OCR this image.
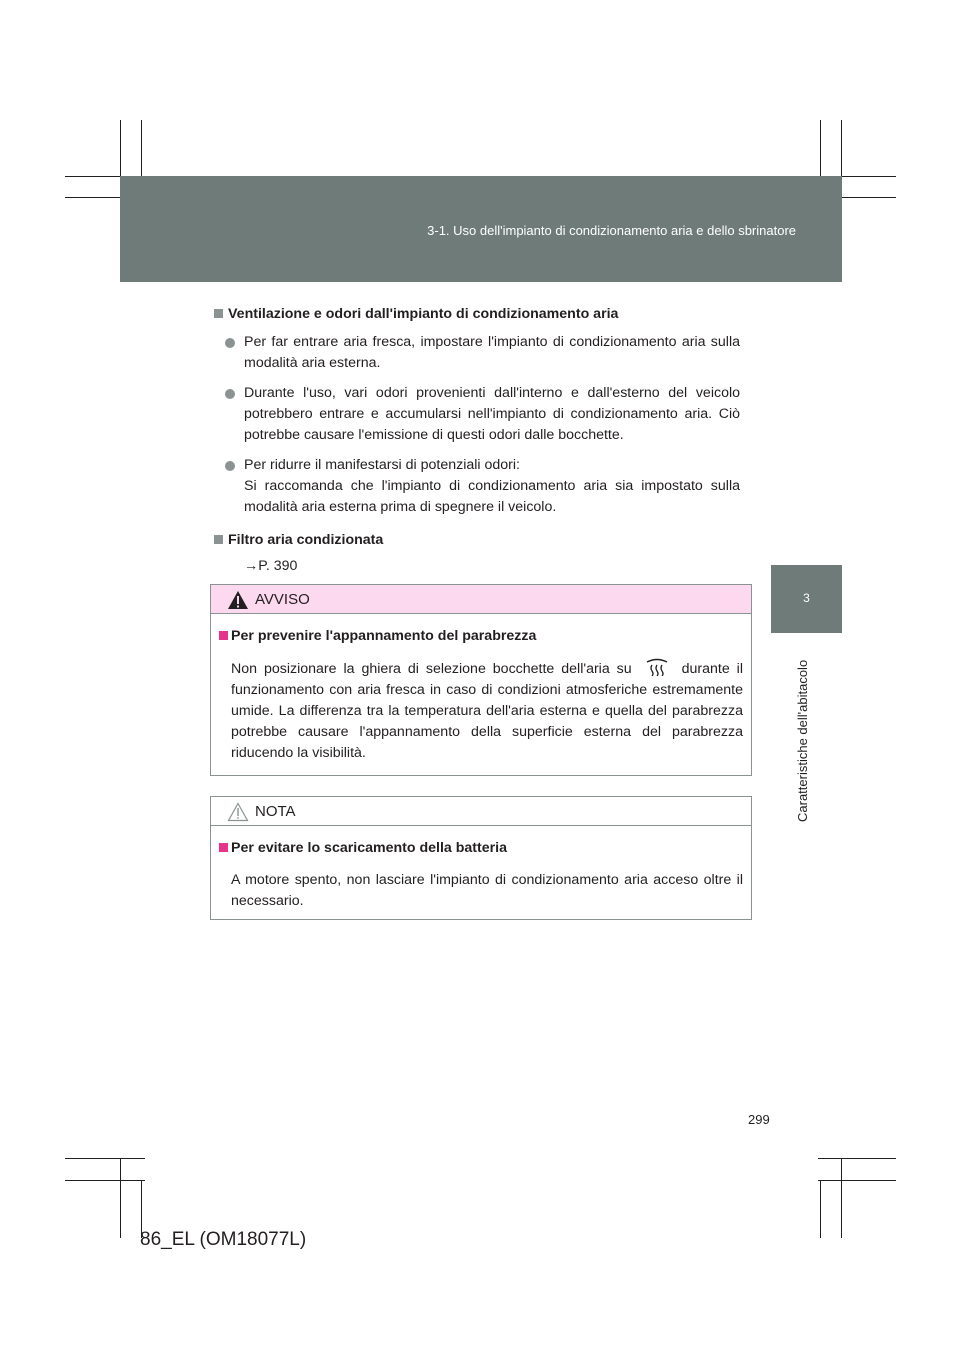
3-1. Uso dell'impianto di condizionamento aria e dello sbrinatore
3
Caratteristiche dell'abitacolo
Ventilazione e odori dall'impianto di condizionamento aria
Per far entrare aria fresca, impostare l'impianto di condizionamento aria sulla modalità aria esterna.
Durante l'uso, vari odori provenienti dall'interno e dall'esterno del veicolo potrebbero entrare e accumularsi nell'impianto di condizionamento aria. Ciò potrebbe causare l'emissione di questi odori dalle bocchette.
Per ridurre il manifestarsi di potenziali odori:
Si raccomanda che l'impianto di condizionamento aria sia impostato sulla modalità aria esterna prima di spegnere il veicolo.
Filtro aria condizionata
→P. 390
AVVISO
Per prevenire l'appannamento del parabrezza
Non posizionare la ghiera di selezione bocchette dell'aria su	durante il funzionamento con aria fresca in caso di condizioni atmosferiche estremamente umide. La differenza tra la temperatura dell'aria esterna e quella del parabrezza potrebbe causare l'appannamento della superficie esterna del parabrezza riducendo la visibilità.
NOTA
Per evitare lo scaricamento della batteria
A motore spento, non lasciare l'impianto di condizionamento aria acceso oltre il necessario.
299
86_EL (OM18077L)
